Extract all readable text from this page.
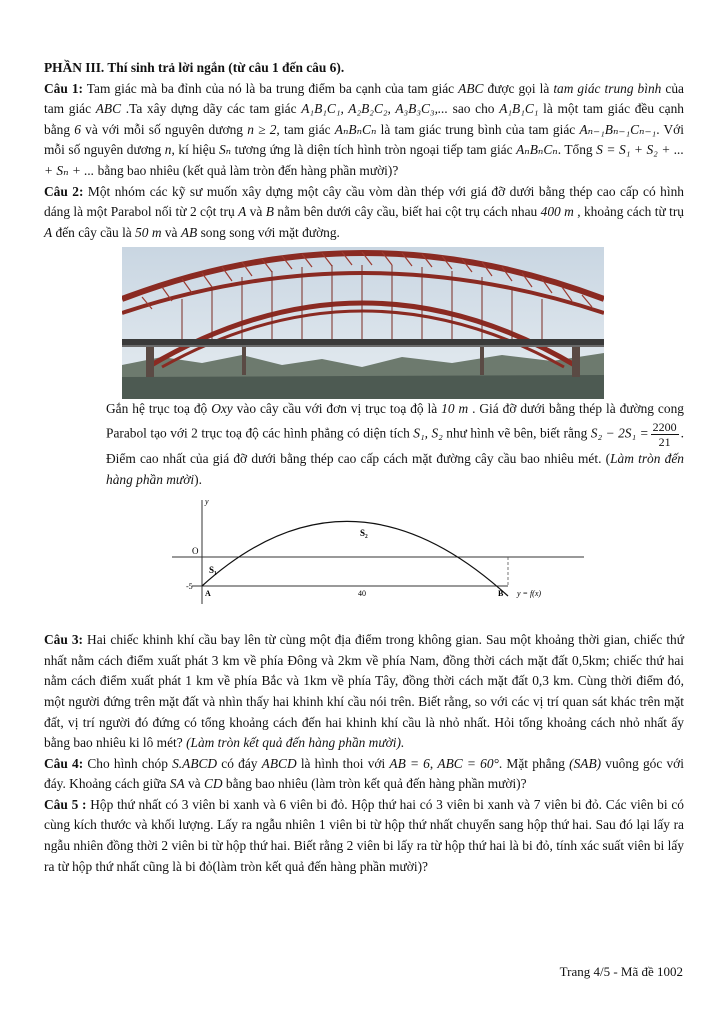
PHẦN III. Thí sinh trả lời ngắn (từ câu 1 đến câu 6).

Câu 1: Tam giác mà ba đỉnh của nó là ba trung điểm ba cạnh của tam giác ABC được gọi là tam giác trung bình của tam giác ABC .Ta xây dựng dãy các tam giác A₁B₁C₁, A₂B₂C₂, A₃B₃C₃,... sao cho A₁B₁C₁ là một tam giác đều cạnh bằng 6 và với mỗi số nguyên dương n ≥ 2, tam giác AₙBₙCₙ là tam giác trung bình của tam giác Aₙ₋₁Bₙ₋₁Cₙ₋₁. Với mỗi số nguyên dương n, kí hiệu Sₙ tương ứng là diện tích hình tròn ngoại tiếp tam giác AₙBₙCₙ. Tổng S = S₁ + S₂ + ... + Sₙ + ... bằng bao nhiêu (kết quả làm tròn đến hàng phần mười)?

Câu 2: Một nhóm các kỹ sư muốn xây dựng một cây cầu vòm dàn thép với giá đỡ dưới bằng thép cao cấp có hình dáng là một Parabol nối từ 2 cột trụ A và B nằm bên dưới cây cầu, biết hai cột trụ cách nhau 400 m , khoảng cách từ trụ A đến cây cầu là 50 m và AB song song với mặt đường.

Gắn hệ trục toạ độ Oxy vào cây cầu với đơn vị trục toạ độ là 10 m . Giá đỡ dưới bằng thép là đường cong Parabol tạo với 2 trục toạ độ các hình phẳng có diện tích S₁, S₂ như hình vẽ bên, biết rằng $S_2 - 2S_1 = \frac{2200}{21}$ . Điểm cao nhất của giá đỡ dưới bằng thép cao cấp cách mặt đường cây cầu bao nhiêu mét. (Làm tròn đến hàng phần mười).

y
O
S₁
S₂
-5
40
A	B y = f(x)

Câu 3: Hai chiếc khinh khí cầu bay lên từ cùng một địa điểm trong không gian. Sau một khoảng thời gian, chiếc thứ nhất nằm cách điểm xuất phát 3 km về phía Đông và 2km về phía Nam, đồng thời cách mặt đất 0,5km; chiếc thứ hai nằm cách điểm xuất phát 1 km về phía Bắc và 1km về phía Tây, đồng thời cách mặt đất 0,3 km. Cùng thời điểm đó, một người đứng trên mặt đất và nhìn thấy hai khinh khí cầu nói trên. Biết rằng, so với các vị trí quan sát khác trên mặt đất, vị trí người đó đứng có tổng khoảng cách đến hai khinh khí cầu là nhỏ nhất. Hỏi tổng khoảng cách nhỏ nhất ấy bằng bao nhiêu ki lô mét? (Làm tròn kết quả đến hàng phần mười).

Câu 4: Cho hình chóp S.ABCD có đáy ABCD là hình thoi với AB = 6, ABC = 60°. Mặt phẳng (SAB) vuông góc với đáy. Khoảng cách giữa SA và CD bằng bao nhiêu (làm tròn kết quả đến hàng phần mười)?

Câu 5 : Hộp thứ nhất có 3 viên bi xanh và 6 viên bi đỏ. Hộp thứ hai có 3 viên bi xanh và 7 viên bi đỏ. Các viên bi có cùng kích thước và khối lượng. Lấy ra ngẫu nhiên 1 viên bi từ hộp thứ nhất chuyển sang hộp thứ hai. Sau đó lại lấy ra ngẫu nhiên đồng thời 2 viên bi từ hộp thứ hai. Biết rằng 2 viên bi lấy ra từ hộp thứ hai là bi đỏ, tính xác suất viên bi lấy ra từ hộp thứ nhất cũng là bi đỏ(làm tròn kết quả đến hàng phần mười)?

Trang 4/5 - Mã đề 1002
